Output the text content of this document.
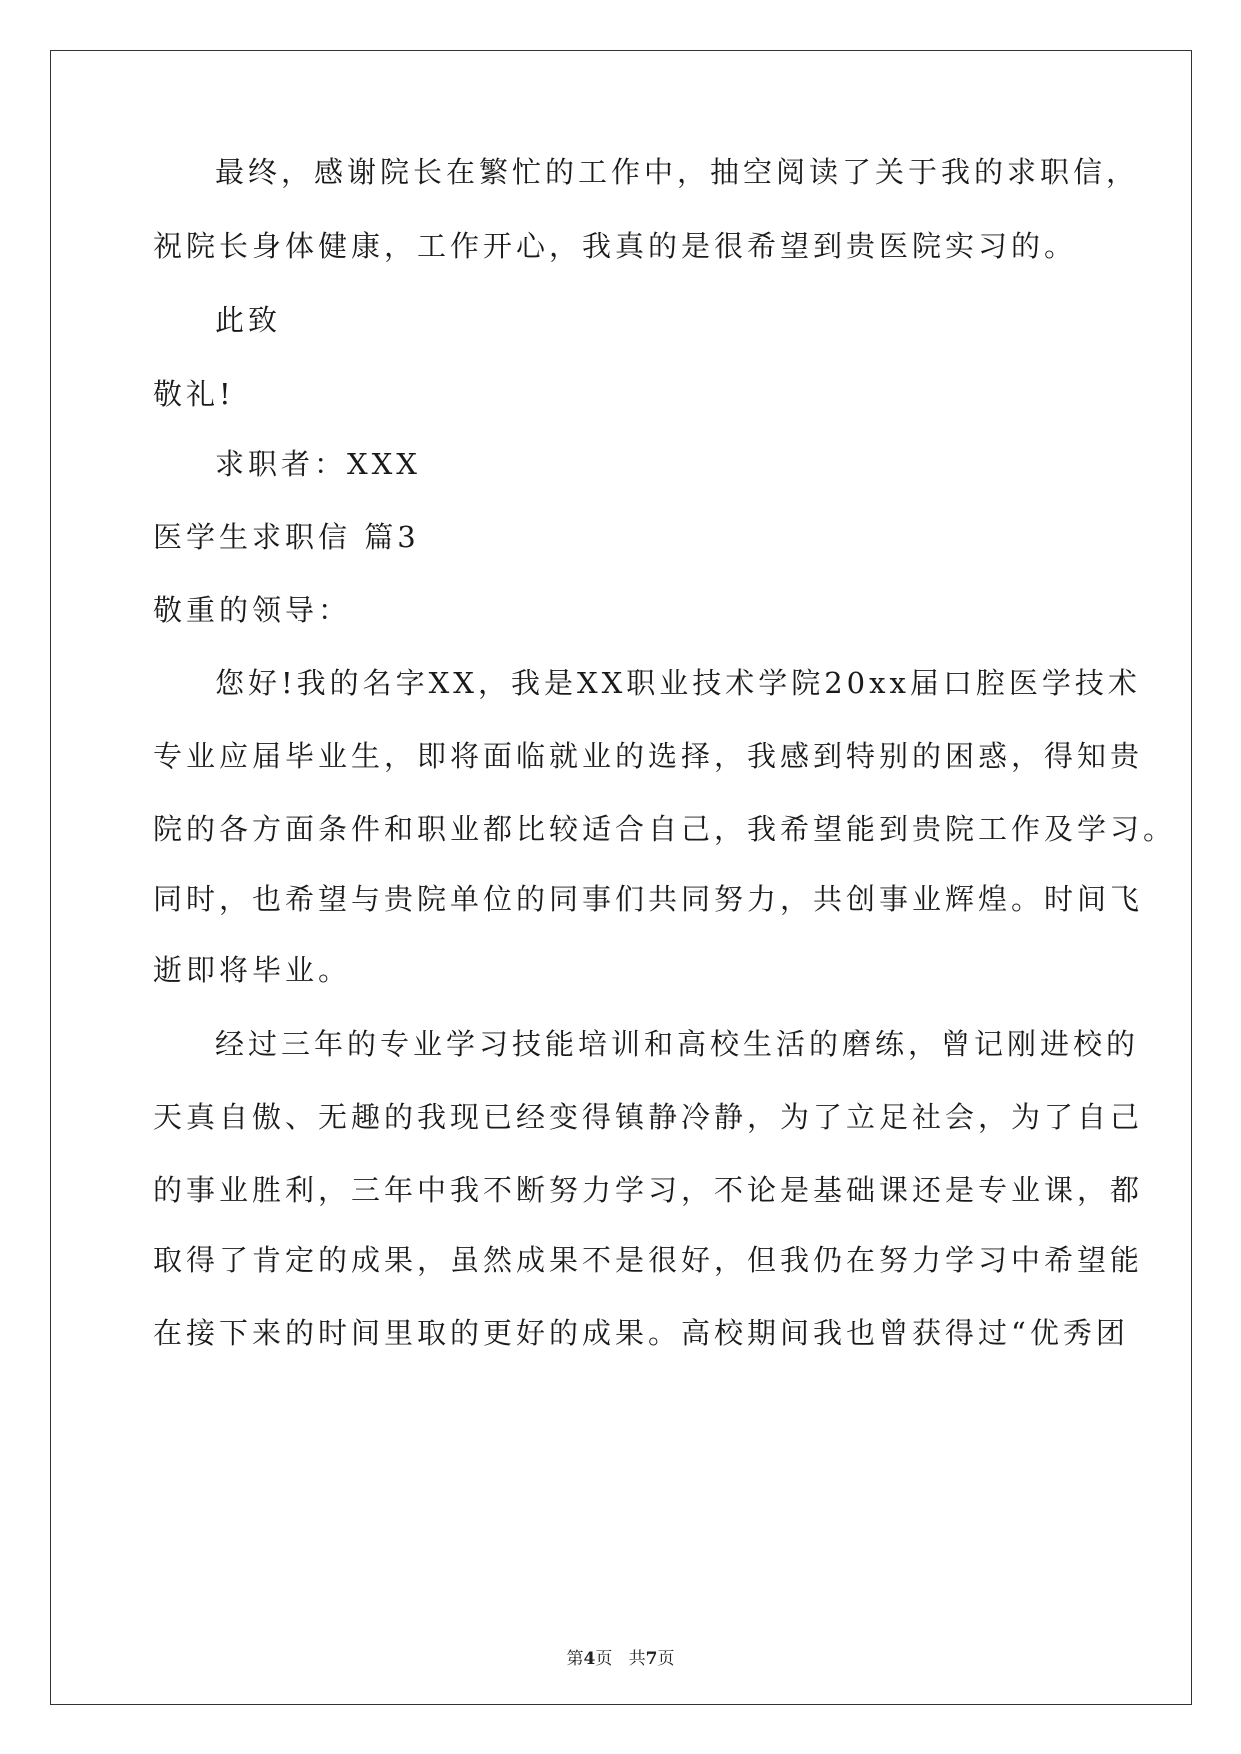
最终，感谢院长在繁忙的工作中，抽空阅读了关于我的求职信，
祝院长身体健康，工作开心，我真的是很希望到贵医院实习的。
此致
敬礼!
求职者：XXX
医学生求职信 篇3
敬重的领导：
您好!我的名字XX，我是XX职业技术学院20xx届口腔医学技术
专业应届毕业生，即将面临就业的选择，我感到特别的困惑，得知贵
院的各方面条件和职业都比较适合自己，我希望能到贵院工作及学习。
同时，也希望与贵院单位的同事们共同努力，共创事业辉煌。时间飞
逝即将毕业。
经过三年的专业学习技能培训和高校生活的磨练，曾记刚进校的
天真自傲、无趣的我现已经变得镇静冷静，为了立足社会，为了自己
的事业胜利，三年中我不断努力学习，不论是基础课还是专业课，都
取得了肯定的成果，虽然成果不是很好，但我仍在努力学习中希望能
在接下来的时间里取的更好的成果。高校期间我也曾获得过“优秀团
第4页 共7页
